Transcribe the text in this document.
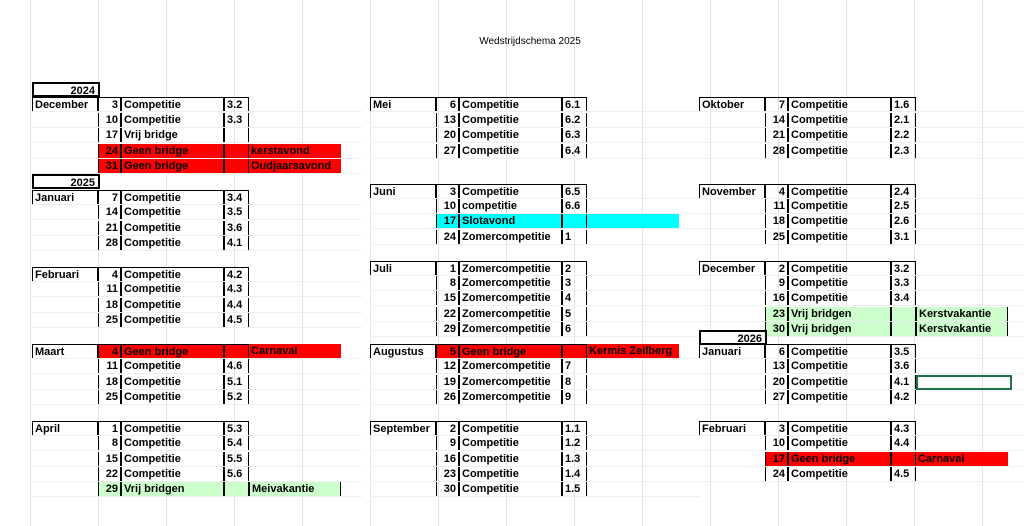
Wedstrijdschema 2025
2024
December	3 Competitie	3.2
10 Competitie	3.3
17 Vrij bridge
24 Geen bridge	kerstavond
31 Geen bridge	Oudjaarsavond
Januari	7 Competitie	3.4
14 Competitie	3.5
21 Competitie	3.6
28 Competitie	4.1
Februari	4 Competitie	4.2
11 Competitie	4.3
18 Competitie	4.4
25 Competitie	4.5
Maart	4 Geen bridge	Carnaval
11 Competitie	4.6
18 Competitie	5.1
25 Competitie	5.2
April	1 Competitie	5.3
8 Competitie	5.4
15 Competitie	5.5
22 Competitie	5.6
29 Vrij bridgen	Meivakantie
2025
Mei	6 Competitie	6.1
13 Competitie	6.2
20 Competitie	6.3
27 Competitie	6.4
Juni	3 Competitie	6.5
10 competitie	6.6
17 Slotavond
24 Zomercompetitie	1
Juli	1 Zomercompetitie	2
8 Zomercompetitie	3
15 Zomercompetitie	4
22 Zomercompetitie	5
29 Zomercompetitie	6
Augustus	5 Geen bridge	Kermis Zeilberg
12 Zomercompetitie	7
19 Zomercompetitie	8
26 Zomercompetitie	9
September	2 Competitie	1.1
9 Competitie	1.2
16 Competitie	1.3
23 Competitie	1.4
30 Competitie	1.5
Oktober	7 Competitie	1.6
14 Competitie	2.1
21 Competitie	2.2
28 Competitie	2.3
November	4 Competitie	2.4
11 Competitie	2.5
18 Competitie	2.6
25 Competitie	3.1
December	2 Competitie	3.2
9 Competitie	3.3
16 Competitie	3.4
23 Vrij bridgen	Kerstvakantie
30 Vrij bridgen	Kerstvakantie
Januari	6 Competitie	3.5
13 Competitie	3.6
20 Competitie	4.1
27 Competitie	4.2
Februari	3 Competitie	4.3
10 Competitie	4.4
17 Geen bridge	Carnaval
24 Competitie	4.5
2026
